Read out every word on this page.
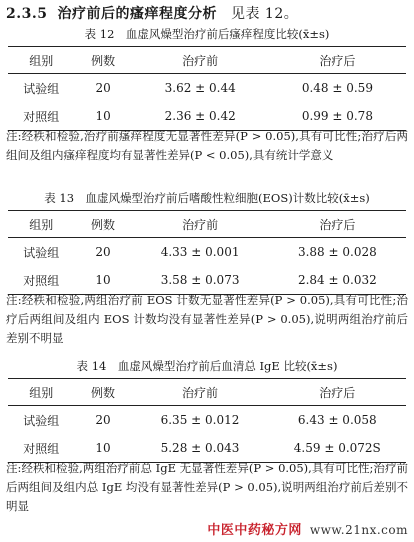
2.3.5 治疗前后的瘙痒程度分析 见表 12。
表 12　血虚风燥型治疗前后瘙痒程度比较(x̄±s)
组别	例数	治疗前	治疗后
试验组	20	3.62 ± 0.44	0.48 ± 0.59
对照组	10	2.36 ± 0.42	0.99 ± 0.78
注:经秩和检验,治疗前瘙痒程度无显著性差异(P > 0.05),具有可比性;治疗后两组间及组内瘙痒程度均有显著性差异(P < 0.05),具有统计学意义
表 13　血虚风燥型治疗前后嗜酸性粒细胞(EOS)计数比较(x̄±s)
组别	例数	治疗前	治疗后
试验组	20	4.33 ± 0.001	3.88 ± 0.028
对照组	10	3.58 ± 0.073	2.84 ± 0.032
注:经秩和检验,两组治疗前 EOS 计数无显著性差异(P > 0.05),具有可比性;治疗后两组间及组内 EOS 计数均没有显著性差异(P > 0.05),说明两组治疗前后差别不明显
表 14　血虚风燥型治疗前后血清总 IgE 比较(x̄±s)
组别	例数	治疗前	治疗后
试验组	20	6.35 ± 0.012	6.43 ± 0.058
对照组	10	5.28 ± 0.043	4.59 ± 0.072S
注:经秩和检验,两组治疗前总 IgE 无显著性差异(P > 0.05),具有可比性;治疗前后两组间及组内总 IgE 均没有显著性差异(P > 0.05),说明两组治疗前后差别不明显
中医中药秘方网 www.21nx.com
